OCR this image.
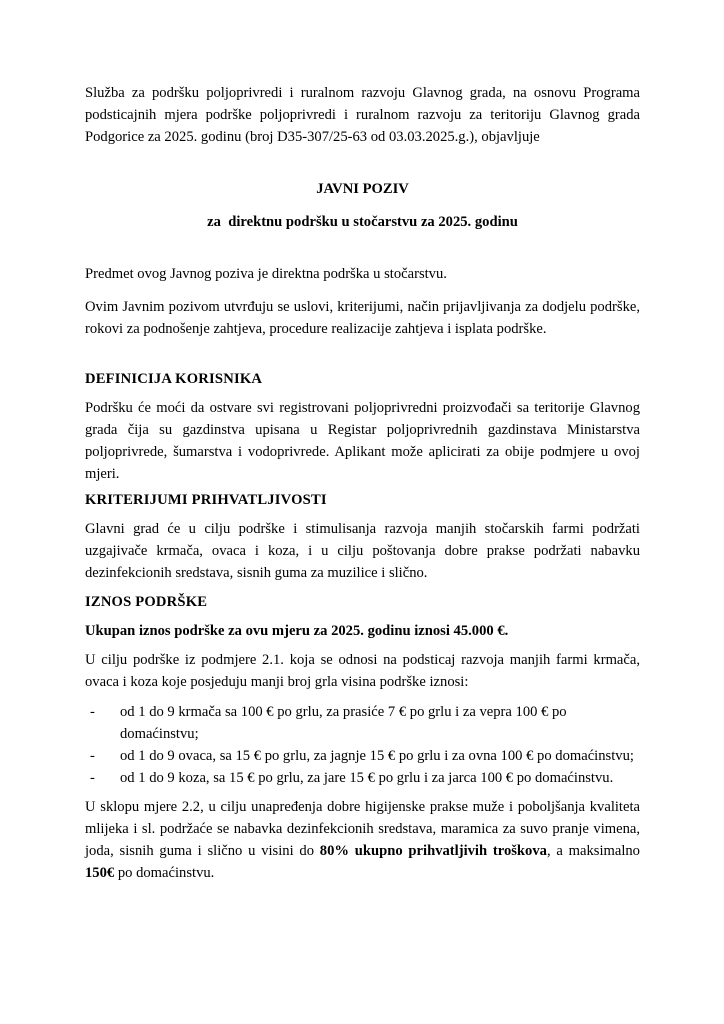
Služba za podršku poljoprivredi i ruralnom razvoju Glavnog grada, na osnovu Programa podsticajnih mjera podrške poljoprivredi i ruralnom razvoju za teritoriju Glavnog grada Podgorice za 2025. godinu (broj D35-307/25-63 od 03.03.2025.g.), objavljuje

JAVNI POZIV
za  direktnu podršku u stočarstvu za 2025. godinu

Predmet ovog Javnog poziva je direktna podrška u stočarstvu.

Ovim Javnim pozivom utvrđuju se uslovi, kriterijumi, način prijavljivanja za dodjelu podrške, rokovi za podnošenje zahtjeva, procedure realizacije zahtjeva i isplata podrške.

DEFINICIJA KORISNIKA

Podršku će moći da ostvare svi registrovani poljoprivredni proizvođači sa teritorije Glavnog grada čija su gazdinstva upisana u Registar poljoprivrednih gazdinstava Ministarstva poljoprivrede, šumarstva i vodoprivrede. Aplikant može aplicirati za obije podmjere u ovoj mjeri.

KRITERIJUMI PRIHVATLJIVOSTI

Glavni grad će u cilju podrške i stimulisanja razvoja manjih stočarskih farmi podržati uzgajivače krmača, ovaca i koza, i u cilju poštovanja dobre prakse podržati nabavku dezinfekcionih sredstava, sisnih guma za muzilice i slično.

IZNOS PODRŠKE

Ukupan iznos podrške za ovu mjeru za 2025. godinu iznosi 45.000 €.

U cilju podrške iz podmjere 2.1. koja se odnosi na podsticaj razvoja manjih farmi krmača, ovaca i koza koje posjeduju manji broj grla visina podrške iznosi:

-	od 1 do 9 krmača sa 100 € po grlu, za prasiće 7 € po grlu i za vepra 100 € po domaćinstvu;
-	od 1 do 9 ovaca, sa 15 € po grlu, za jagnje 15 € po grlu i za ovna 100 € po domaćinstvu;
-	od 1 do 9 koza, sa 15 € po grlu, za jare 15 € po grlu i za jarca 100 € po domaćinstvu.

U sklopu mjere 2.2, u cilju unapređenja dobre higijenske prakse muže i poboljšanja kvaliteta mlijeka i sl. podržaće se nabavka dezinfekcionih sredstava, maramica za suvo pranje vimena, joda, sisnih guma i slično u visini do 80% ukupno prihvatljivih troškova, a maksimalno 150€ po domaćinstvu.
